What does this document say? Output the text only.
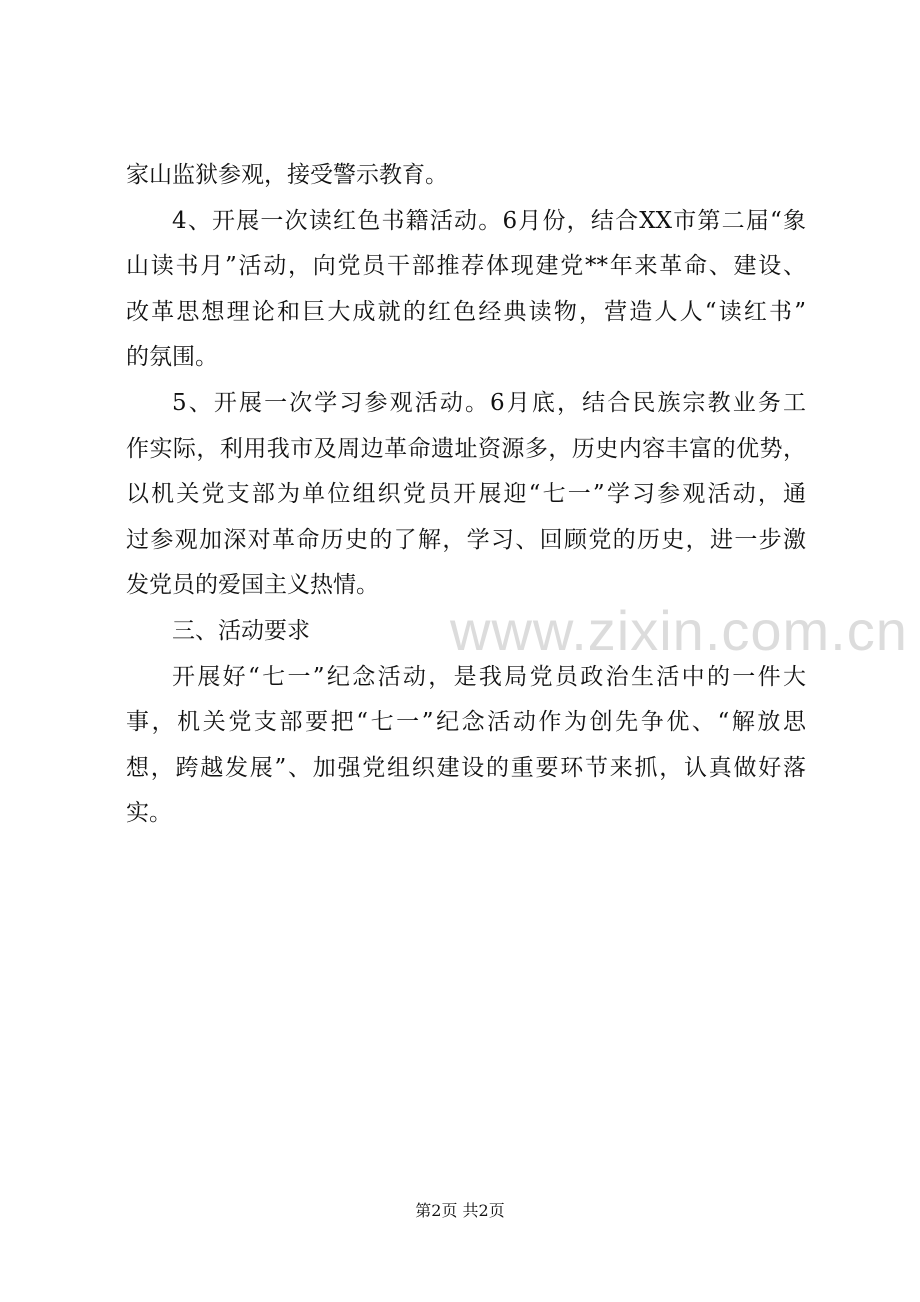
家山监狱参观，接受警示教育。
4、开展一次读红色书籍活动。6月份，结合XX市第二届“象
山读书月”活动，向党员干部推荐体现建党**年来革命、建设、
改革思想理论和巨大成就的红色经典读物，营造人人“读红书”
的氛围。
5、开展一次学习参观活动。6月底，结合民族宗教业务工
作实际，利用我市及周边革命遗址资源多，历史内容丰富的优势，
以机关党支部为单位组织党员开展迎“七一”学习参观活动，通
过参观加深对革命历史的了解，学习、回顾党的历史，进一步激
发党员的爱国主义热情。
三、活动要求
开展好“七一”纪念活动，是我局党员政治生活中的一件大
事，机关党支部要把“七一”纪念活动作为创先争优、“解放思
想，跨越发展”、加强党组织建设的重要环节来抓，认真做好落
实。
www.zixin.com.cn
第2页 共2页
